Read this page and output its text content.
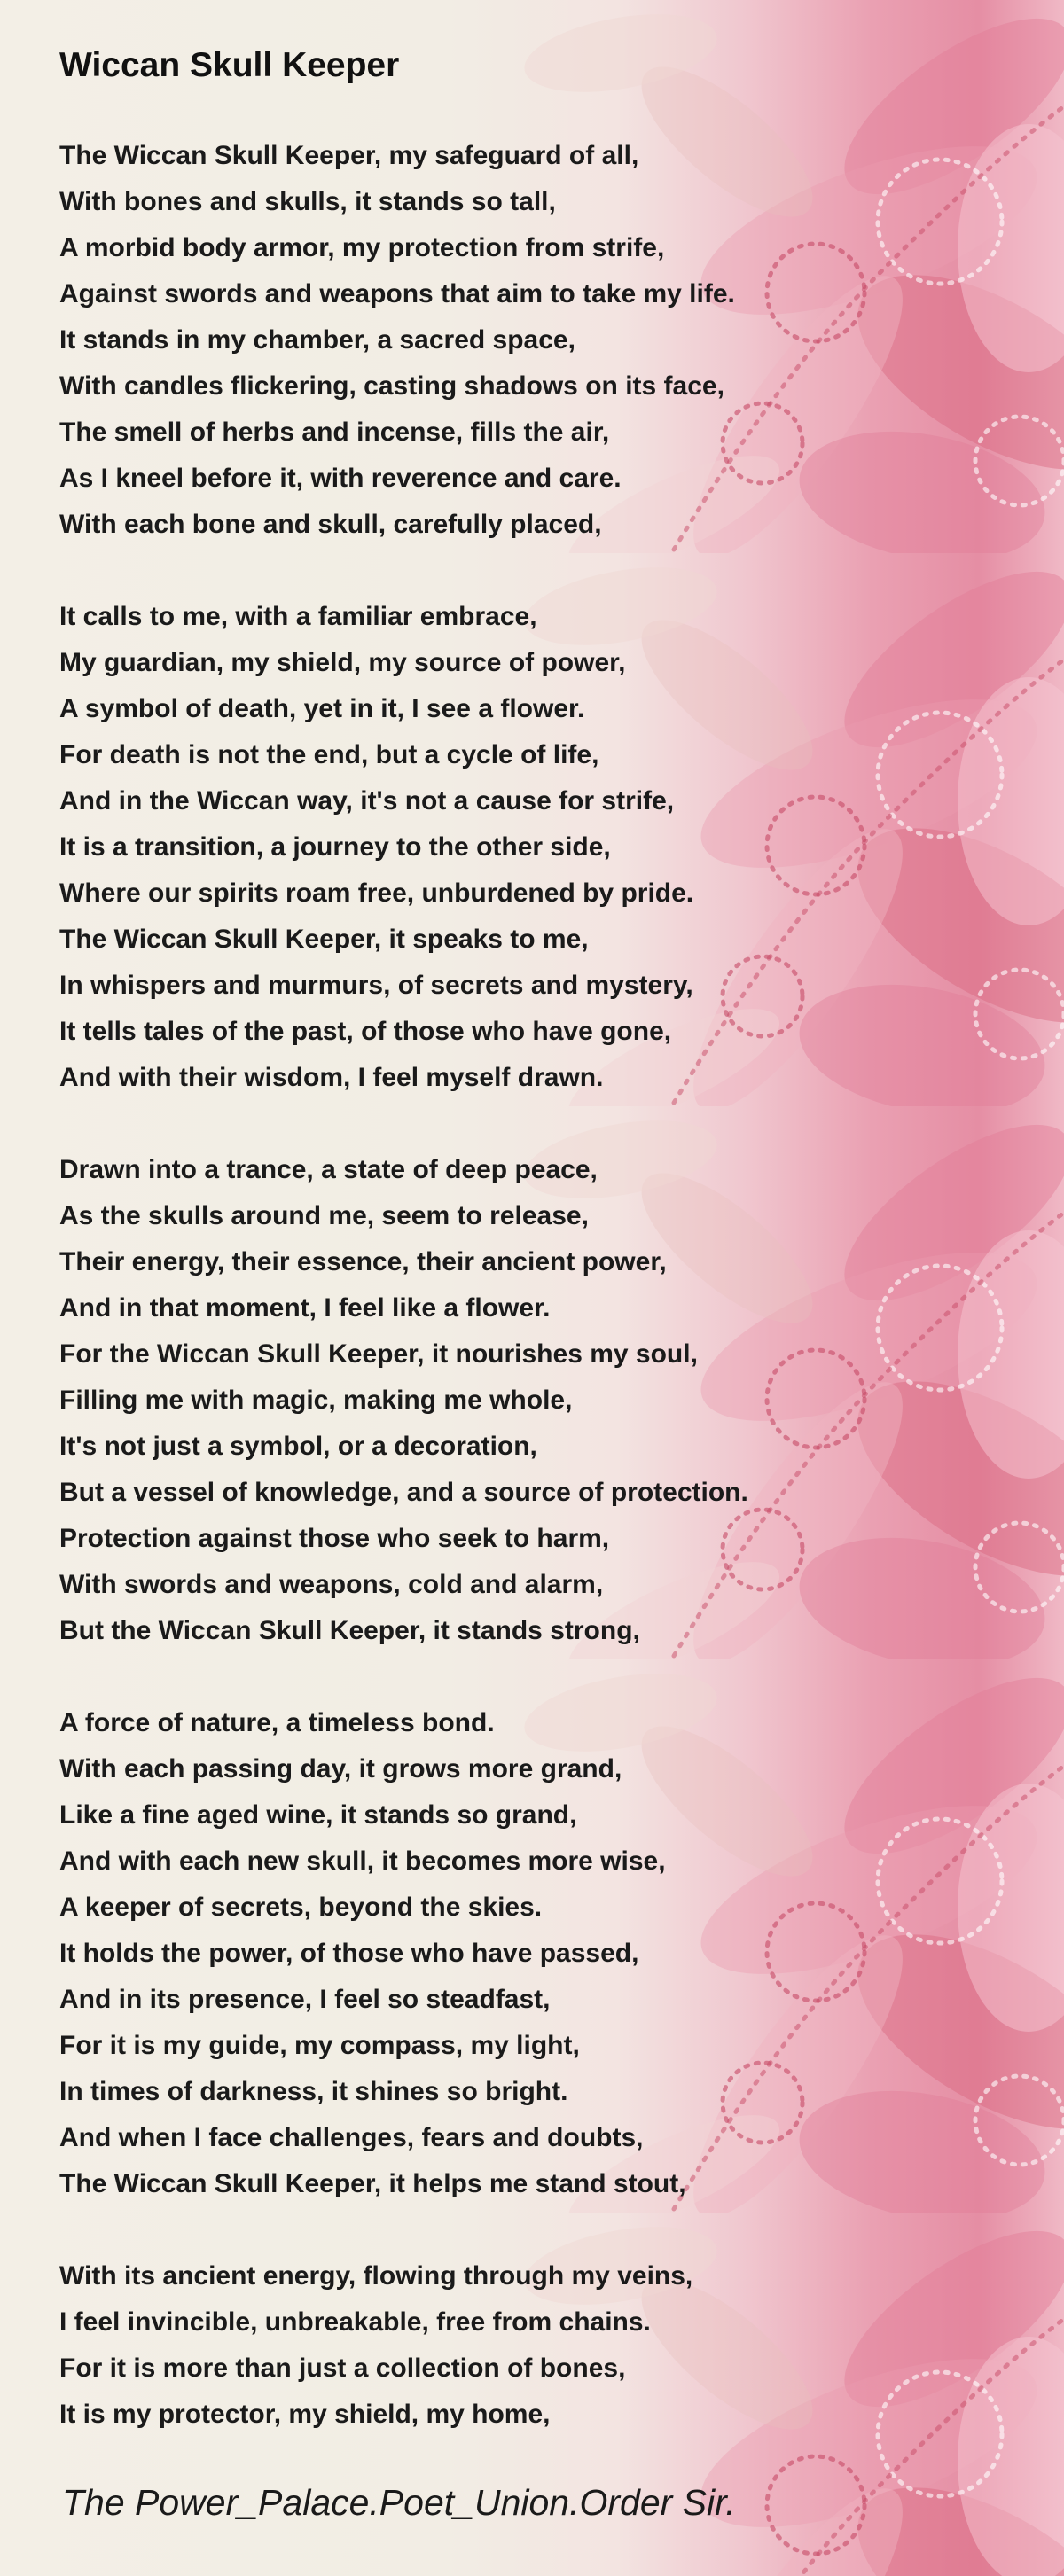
Wiccan Skull Keeper
The Wiccan Skull Keeper, my safeguard of all,
With bones and skulls, it stands so tall,
A morbid body armor, my protection from strife,
Against swords and weapons that aim to take my life.
It stands in my chamber, a sacred space,
With candles flickering, casting shadows on its face,
The smell of herbs and incense, fills the air,
As I kneel before it, with reverence and care.
With each bone and skull, carefully placed,
It calls to me, with a familiar embrace,
My guardian, my shield, my source of power,
A symbol of death, yet in it, I see a flower.
For death is not the end, but a cycle of life,
And in the Wiccan way, it's not a cause for strife,
It is a transition, a journey to the other side,
Where our spirits roam free, unburdened by pride.
The Wiccan Skull Keeper, it speaks to me,
In whispers and murmurs, of secrets and mystery,
It tells tales of the past, of those who have gone,
And with their wisdom, I feel myself drawn.
Drawn into a trance, a state of deep peace,
As the skulls around me, seem to release,
Their energy, their essence, their ancient power,
And in that moment, I feel like a flower.
For the Wiccan Skull Keeper, it nourishes my soul,
Filling me with magic, making me whole,
It's not just a symbol, or a decoration,
But a vessel of knowledge, and a source of protection.
Protection against those who seek to harm,
With swords and weapons, cold and alarm,
But the Wiccan Skull Keeper, it stands strong,
A force of nature, a timeless bond.
With each passing day, it grows more grand,
Like a fine aged wine, it stands so grand,
And with each new skull, it becomes more wise,
A keeper of secrets, beyond the skies.
It holds the power, of those who have passed,
And in its presence, I feel so steadfast,
For it is my guide, my compass, my light,
In times of darkness, it shines so bright.
And when I face challenges, fears and doubts,
The Wiccan Skull Keeper, it helps me stand stout,
With its ancient energy, flowing through my veins,
I feel invincible, unbreakable, free from chains.
For it is more than just a collection of bones,
It is my protector, my shield, my home,
The Power_Palace.Poet_Union.Order Sir.
